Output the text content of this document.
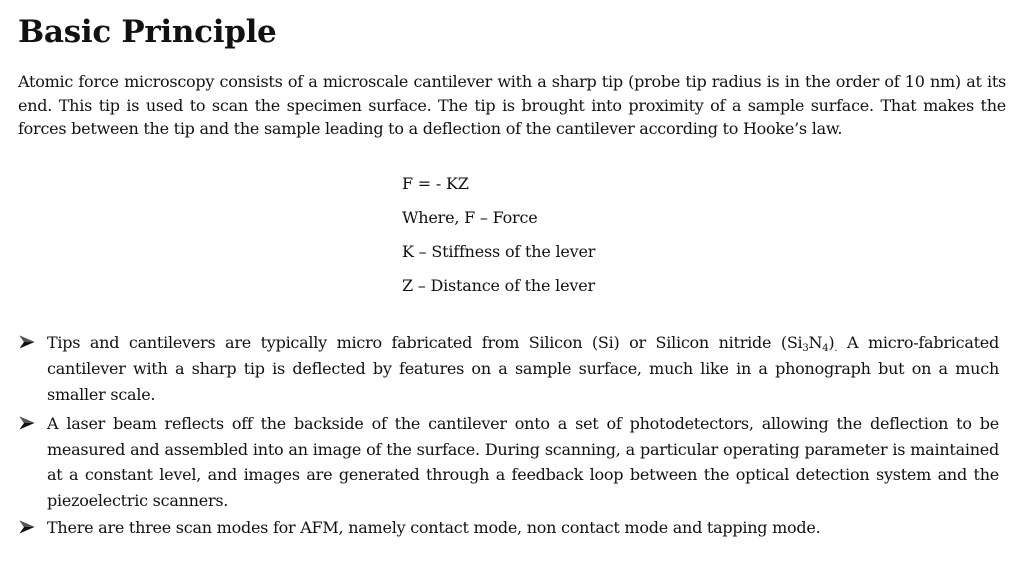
Basic Principle

Atomic force microscopy consists of a microscale cantilever with a sharp tip (probe tip radius is in the order of 10 nm) at its end. This tip is used to scan the specimen surface. The tip is brought into proximity of a sample surface. That makes the forces between the tip and the sample leading to a deflection of the cantilever according to Hooke’s law.

F = - KZ
Where, F – Force
K – Stiffness of the lever
Z – Distance of the lever
Tips and cantilevers are typically micro fabricated from Silicon (Si) or Silicon nitride $(Si_3N_4)$. A micro-fabricated cantilever with a sharp tip is deflected by features on a sample surface, much like in a phonograph but on a much smaller scale.
A laser beam reflects off the backside of the cantilever onto a set of photodetectors, allowing the deflection to be measured and assembled into an image of the surface. During scanning, a particular operating parameter is maintained at a constant level, and images are generated through a feedback loop between the optical detection system and the piezoelectric scanners.
There are three scan modes for AFM, namely contact mode, non contact mode and tapping mode.
